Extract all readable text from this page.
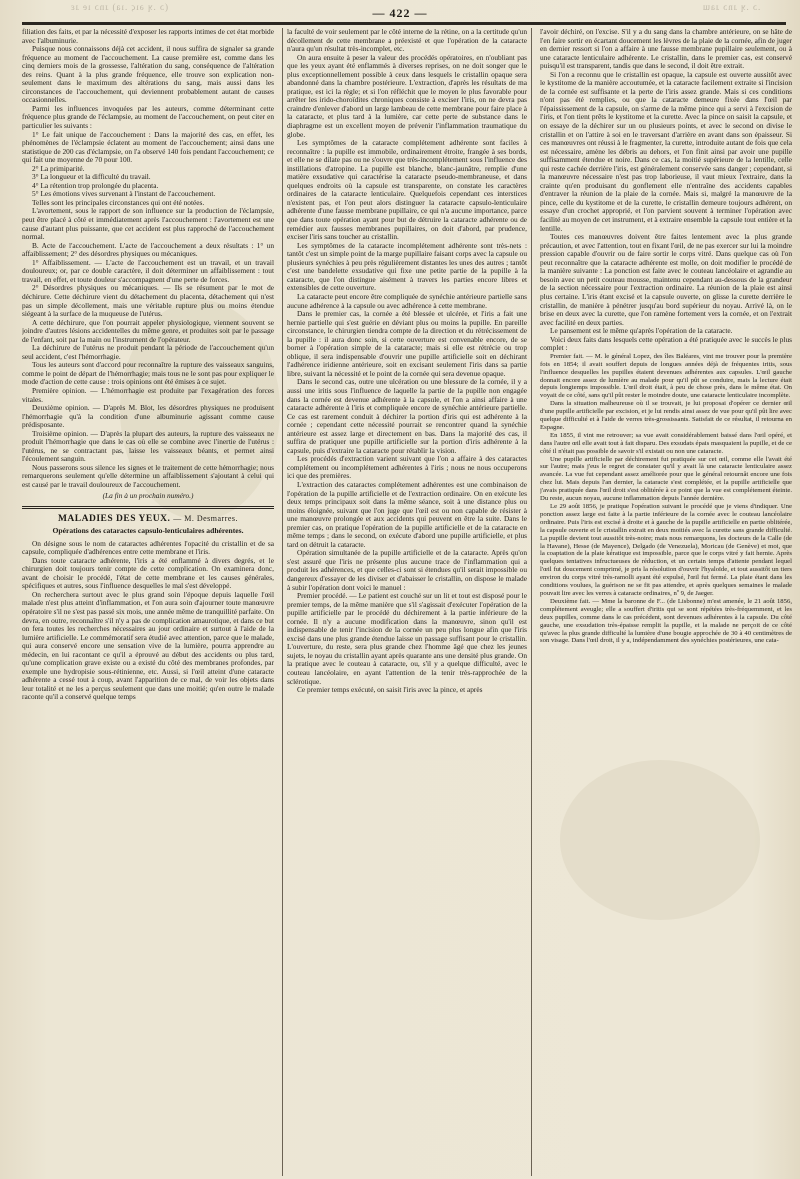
(ɔ .ʞ əıϛ .ıa) ɹnɔ ıe ɹɛ	— 422 —	.ɔ .ʞ ɹnɔ ɹaɯ

filiation des faits, et par la nécessité d'exposer les rapports intimes de cet état morbide avec l'albuminurie.

Puisque nous connaissons déjà cet accident, il nous suffira de signaler sa grande fréquence au moment de l'accouchement. La cause première est, comme dans les cinq derniers mois de la grossesse, l'altération du sang, conséquence de l'altération des reins. Quant à la plus grande fréquence, elle trouve son explication non-seulement dans le maximum des altérations du sang, mais aussi dans les circonstances de l'accouchement, qui deviennent probablement autant de causes occasionnelles.

Parmi les influences invoquées par les auteurs, comme déterminant cette fréquence plus grande de l'éclampsie, au moment de l'accouchement, on peut citer en particulier les suivants :

1° Le fait unique de l'accouchement : Dans la majorité des cas, en effet, les phénomènes de l'éclampsie éclatent au moment de l'accouchement; ainsi dans une statistique de 200 cas d'éclampsie, on l'a observé 140 fois pendant l'accouchement; ce qui fait une moyenne de 70 pour 100.

2° La primiparité.

3° La longueur et la difficulté du travail.

4° La rétention trop prolongée du placenta.

5° Les émotions vives survenant à l'instant de l'accouchement.

Telles sont les principales circonstances qui ont été notées.

L'avortement, sous le rapport de son influence sur la production de l'éclampsie, peut être placé à côté et immédiatement après l'accouchement : l'avortement est une cause d'autant plus puissante, que cet accident est plus rapproché de l'accouchement normal.

B. Acte de l'accouchement. L'acte de l'accouchement a deux résultats : 1° un affaiblissement; 2° des désordres physiques ou mécaniques.

1° Affaiblissement. — L'acte de l'accouchement est un travail, et un travail douloureux; or, par ce double caractère, il doit déterminer un affaiblissement : tout travail, en effet, et toute douleur s'accompagnent d'une perte de forces.

2° Désordres physiques ou mécaniques. — Ils se résument par le mot de déchirure. Cette déchirure vient du détachement du placenta, détachement qui n'est pas un simple décollement, mais une véritable rupture plus ou moins étendue siégeant à la surface de la muqueuse de l'utérus.

A cette déchirure, que l'on pourrait appeler physiologique, viennent souvent se joindre d'autres lésions accidentelles du même genre, et produites soit par le passage de l'enfant, soit par la main ou l'instrument de l'opérateur.

La déchirure de l'utérus ne produit pendant la période de l'accouchement qu'un seul accident, c'est l'hémorrhagie.

Tous les auteurs sont d'accord pour reconnaître la rupture des vaisseaux sanguins, comme le point de départ de l'hémorrhagie; mais tous ne le sont pas pour expliquer le mode d'action de cette cause : trois opinions ont été émises à ce sujet.

Première opinion. — L'hémorrhagie est produite par l'exagération des forces vitales.

Deuxième opinion. — D'après M. Blot, les désordres physiques ne produisent l'hémorrhagie qu'à la condition d'une albuminurie agissant comme cause prédisposante.

Troisième opinion. — D'après la plupart des auteurs, la rupture des vaisseaux ne produit l'hémorrhagie que dans le cas où elle se combine avec l'inertie de l'utérus : l'utérus, ne se contractant pas, laisse les vaisseaux béants, et permet ainsi l'écoulement sanguin.

Nous passerons sous silence les signes et le traitement de cette hémorrhagie; nous remarquerons seulement qu'elle détermine un affaiblissement s'ajoutant à celui qui est causé par le travail douloureux de l'accouchement.

(La fin à un prochain numéro.)

MALADIES DES YEUX. — M. Desmarres.
Opérations des cataractes capsulo-lenticulaires adhérentes.

On désigne sous le nom de cataractes adhérentes l'opacité du cristallin et de sa capsule, compliquée d'adhérences entre cette membrane et l'iris.

Dans toute cataracte adhérente, l'iris a été enflammé à divers degrés, et le chirurgien doit toujours tenir compte de cette complication. On examinera donc, avant de choisir le procédé, l'état de cette membrane et les causes générales, spécifiques et autres, sous l'influence desquelles le mal s'est développé.

On recherchera surtout avec le plus grand soin l'époque depuis laquelle l'œil malade n'est plus atteint d'inflammation, et l'on aura soin d'ajourner toute manœuvre opératoire s'il ne s'est pas passé six mois, une année même de tranquillité parfaite. On devra, en outre, reconnaître s'il n'y a pas de complication amaurotique, et dans ce but on fera toutes les recherches nécessaires au jour ordinaire et surtout à l'aide de la lumière artificielle. Le commémoratif sera étudié avec attention, parce que le malade, qui aura conservé encore une sensation vive de la lumière, pourra apprendre au médecin, en lui racontant ce qu'il a éprouvé au début des accidents ou plus tard, qu'une complication grave existe ou a existé du côté des membranes profondes, par exemple une hydropisie sous-rétinienne, etc. Aussi, si l'œil atteint d'une cataracte adhérente a cessé tout à coup, avant l'apparition de ce mal, de voir les objets dans leur totalité et ne les a perçus seulement que dans une moitié; qu'en outre le malade raconte qu'il a conservé quelque temps

la faculté de voir seulement par le côté interne de la rétine, on a la certitude qu'un décollement de cette membrane a préexisté et que l'opération de la cataracte n'aura qu'un résultat très-incomplet, etc.

On aura ensuite à peser la valeur des procédés opératoires, en n'oubliant pas que les yeux ayant été enflammés à diverses reprises, on ne doit songer que le plus exceptionnellement possible à ceux dans lesquels le cristallin opaque sera abandonné dans la chambre postérieure. L'extraction, d'après les résultats de ma pratique, est ici la règle; et si l'on réfléchit que le moyen le plus favorable pour arrêter les irido-choroïdites chroniques consiste à exciser l'iris, on ne devra pas craindre d'enlever d'abord un large lambeau de cette membrane pour faire place à la cataracte, et plus tard à la lumière, car cette perte de substance dans le diaphragme est un excellent moyen de prévenir l'inflammation traumatique du globe.

Les symptômes de la cataracte complétement adhérente sont faciles à reconnaître : la pupille est immobile, ordinairement étroite, frangée à ses bords, et elle ne se dilate pas ou ne s'ouvre que très-incomplétement sous l'influence des instillations d'atropine. La pupille est blanche, blanc-jaunâtre, remplie d'une matière exsudative qui caractérise la cataracte pseudo-membraneuse, et dans quelques endroits où la capsule est transparente, on constate les caractères ordinaires de la cataracte lenticulaire. Quelquefois cependant ces interstices n'existent pas, et l'on peut alors distinguer la cataracte capsulo-lenticulaire adhérente d'une fausse membrane pupillaire, ce qui n'a aucune importance, parce que dans toute opération ayant pour but de détruire la cataracte adhérente ou de remédier aux fausses membranes pupillaires, on doit d'abord, par prudence, exciser l'iris sans toucher au cristallin.

Les symptômes de la cataracte incomplétement adhérente sont très-nets : tantôt c'est un simple point de la marge pupillaire faisant corps avec la capsule ou plusieurs synéchies à peu près régulièrement distantes les unes des autres ; tantôt c'est une bandelette exsudative qui fixe une petite partie de la pupille à la cataracte, que l'on distingue aisément à travers les parties encore libres et extensibles de cette ouverture.

La cataracte peut encore être compliquée de synéchie antérieure partielle sans aucune adhérence à la capsule ou avec adhérence à cette membrane.

Dans le premier cas, la cornée a été blessée et ulcérée, et l'iris a fait une hernie partielle qui s'est guérie en déviant plus ou moins la pupille. En pareille circonstance, le chirurgien tiendra compte de la direction et du rétrécissement de la pupille : il aura donc soin, si cette ouverture est convenable encore, de se borner à l'opération simple de la cataracte; mais si elle est rétrécie ou trop oblique, il sera indispensable d'ouvrir une pupille artificielle soit en déchirant l'adhérence iridienne antérieure, soit en excisant seulement l'iris dans sa partie libre, suivant la nécessité et le point de la cornée qui sera devenue opaque.

Dans le second cas, outre une ulcération ou une blessure de la cornée, il y a aussi une iritis sous l'influence de laquelle la partie de la pupille non engagée dans la cornée est devenue adhérente à la capsule, et l'on a ainsi affaire à une cataracte adhérente à l'iris et compliquée encore de synéchie antérieure partielle. Ce cas est rarement conduit à déchirer la portion d'iris qui est adhérente à la cornée ; cependant cette nécessité pourrait se rencontrer quand la synéchie antérieure est assez large et directement en bas. Dans la majorité des cas, il suffira de pratiquer une pupille artificielle sur la portion d'iris adhérente à la capsule, puis d'extraire la cataracte pour rétablir la vision.

Les procédés d'extraction varient suivant que l'on a affaire à des cataractes complétement ou incomplétement adhérentes à l'iris ; nous ne nous occuperons ici que des premières.

L'extraction des cataractes complétement adhérentes est une combinaison de l'opération de la pupille artificielle et de l'extraction ordinaire. On en exécute les deux temps principaux soit dans la même séance, soit à une distance plus ou moins éloignée, suivant que l'on juge que l'œil est ou non capable de résister à une manœuvre prolongée et aux accidents qui peuvent en être la suite. Dans le premier cas, on pratique l'opération de la pupille artificielle et de la cataracte en même temps ; dans le second, on exécute d'abord une pupille artificielle, et plus tard on détruit la cataracte.

Opération simultanée de la pupille artificielle et de la cataracte. Après qu'on s'est assuré que l'iris ne présente plus aucune trace de l'inflammation qui a produit les adhérences, et que celles-ci sont si étendues qu'il serait impossible ou dangereux d'essayer de les diviser et d'abaisser le cristallin, on dispose le malade à subir l'opération dont voici le manuel :

Premier procédé. — Le patient est couché sur un lit et tout est disposé pour le premier temps, de la même manière que s'il s'agissait d'exécuter l'opération de la pupille artificielle par le procédé du déchirement à la partie inférieure de la cornée. Il n'y a aucune modification dans la manœuvre, sinon qu'il est indispensable de tenir l'incision de la cornée un peu plus longue afin que l'iris excisé dans une plus grande étendue laisse un passage suffisant pour le cristallin. L'ouverture, du reste, sera plus grande chez l'homme âgé que chez les jeunes sujets, le noyau du cristallin ayant après quarante ans une densité plus grande. On la pratique avec le couteau à cataracte, ou, s'il y a quelque difficulté, avec le couteau lancéolaire, en ayant l'attention de la tenir très-rapprochée de la sclérotique.

Ce premier temps exécuté, on saisit l'iris avec la pince, et après

l'avoir déchiré, on l'excise. S'il y a du sang dans la chambre antérieure, on se hâte de l'en faire sortir en écartant doucement les lèvres de la plaie de la cornée, afin de juger en dernier ressort si l'on a affaire à une fausse membrane pupillaire seulement, ou à une cataracte lenticulaire adhérente. Le cristallin, dans le premier cas, est conservé puisqu'il est transparent, tandis que dans le second, il doit être extrait.

Si l'on a reconnu que le cristallin est opaque, la capsule est ouverte aussitôt avec le kystitome de la manière accoutumée, et la cataracte facilement extraite si l'incision de la cornée est suffisante et la perte de l'iris assez grande. Mais si ces conditions n'ont pas été remplies, ou que la cataracte demeure fixée dans l'œil par l'épaississement de la capsule, on s'arme de la même pince qui a servi à l'excision de l'iris, et l'on tient prêts le kystitome et la curette. Avec la pince on saisit la capsule, et on essaye de la déchirer sur un ou plusieurs points, et avec le second on divise le cristallin et on l'attire à soi en le traversant d'arrière en avant dans son épaisseur. Si ces manœuvres ont réussi à le fragmenter, la curette, introduite autant de fois que cela est nécessaire, amène les débris au dehors, et l'on finit ainsi par avoir une pupille suffisamment étendue et noire. Dans ce cas, la moitié supérieure de la lentille, celle qui reste cachée derrière l'iris, est généralement conservée sans danger ; cependant, si la manœuvre nécessaire n'est pas trop laborieuse, il vaut mieux l'extraire, dans la crainte qu'en produisant du gonflement elle n'entraîne des accidents capables d'entraver la réunion de la plaie de la cornée. Mais si, malgré la manœuvre de la pince, celle du kystitome et de la curette, le cristallin demeure toujours adhérent, on essaye d'un crochet approprié, et l'on parvient souvent à terminer l'opération avec facilité au moyen de cet instrument, et à extraire ensemble la capsule tout entière et la lentille.

Toutes ces manœuvres doivent être faites lentement avec la plus grande précaution, et avec l'attention, tout en fixant l'œil, de ne pas exercer sur lui la moindre pression capable d'ouvrir ou de faire sortir le corps vitré. Dans quelque cas où l'on peut reconnaître que la cataracte adhérente est molle, on doit modifier le procédé de la manière suivante : La ponction est faite avec le couteau lancéolaire et agrandie au besoin avec un petit couteau mousse, maintenu cependant au-dessous de la grandeur de la section nécessaire pour l'extraction ordinaire. La réunion de la plaie est ainsi plus certaine. L'iris étant excisé et la capsule ouverte, on glisse la curette derrière le cristallin, de manière à pénétrer jusqu'au bord supérieur du noyau. Arrivé là, on le brise en deux avec la curette, que l'on ramène fortement vers la cornée, et on l'extrait avec facilité en deux parties.

Le pansement est le même qu'après l'opération de la cataracte.

Voici deux faits dans lesquels cette opération a été pratiquée avec le succès le plus complet :

Premier fait. — M. le général Lopez, des îles Baléares, vint me trouver pour la première fois en 1854; il avait souffert depuis de longues années déjà de fréquentes iritis, sous l'influence desquelles les pupilles étaient devenues adhérentes aux capsules. L'œil gauche donnait encore assez de lumière au malade pour qu'il pût se conduire, mais la lecture était depuis longtemps impossible. L'œil droit était, à peu de chose près, dans le même état. On voyait de ce côté, sans qu'il pût rester le moindre doute, une cataracte lenticulaire incomplète.

Dans la situation malheureuse où il se trouvait, je lui proposai d'opérer ce dernier œil d'une pupille artificielle par excision, et je lui rendis ainsi assez de vue pour qu'il pût lire avec quelque difficulté et à l'aide de verres très-grossissants. Satisfait de ce résultat, il retourna en Espagne.

En 1855, il vint me retrouver; sa vue avait considérablement baissé dans l'œil opéré, et dans l'autre œil elle avait tout à fait disparu. Des exsudats épais masquaient la pupille, et de ce côté il n'était pas possible de savoir s'il existait ou non une cataracte.

Une pupille artificielle par déchirement fut pratiquée sur cet œil, comme elle l'avait été sur l'autre; mais j'eus le regret de constater qu'il y avait là une cataracte lenticulaire assez avancée. La vue fut cependant assez améliorée pour que le général retournât encore une fois chez lui. Mais depuis l'an dernier, la cataracte s'est complétée, et la pupille artificielle que j'avais pratiquée dans l'œil droit s'est oblitérée à ce point que la vue est complétement éteinte. Du reste, aucun noyau, aucune inflammation depuis l'année dernière.

Le 29 août 1856, je pratique l'opération suivant le procédé que je viens d'indiquer. Une ponction assez large est faite à la partie inférieure de la cornée avec le couteau lancéolaire ordinaire. Puis l'iris est excisé à droite et à gauche de la pupille artificielle en partie oblitérée, la capsule ouverte et le cristallin extrait en deux moitiés avec la curette sans grande difficulté. La pupille devient tout aussitôt très-noire; mais nous remarquons, les docteurs de la Calle (de la Havane), Hesse (de Mayence), Delgado (de Venezuela), Moricau (de Genève) et moi, que la coaptation de la plaie kératique est impossible, parce que le corps vitré y fait hernie. Après quelques tentatives infructueuses de réduction, et un certain temps d'attente pendant lequel l'œil fut doucement comprimé, je pris la résolution d'ouvrir l'hyaloïde, et tout aussitôt un tiers environ du corps vitré très-ramolli ayant été expulsé, l'œil fut fermé. La plaie étant dans les conditions voulues, la guérison ne se fit pas attendre, et après quelques semaines le malade pouvait lire avec les verres à cataracte ordinaires, nº 9, de Jaeger.

Deuxième fait. — Mme la baronne de F... (de Lisbonne) m'est amenée, le 21 août 1856, complétement aveugle; elle a souffert d'iritis qui se sont répétées très-fréquemment, et les deux pupilles, comme dans le cas précédent, sont devenues adhérentes à la capsule. Du côté gauche, une exsudation très-épaisse remplit la pupille, et la malade ne perçoit de ce côté qu'avec la plus grande difficulté la lumière d'une bougie approchée de 30 à 40 centimètres de son visage. Dans l'œil droit, il y a, indépendamment des synéchies postérieures, une cata-
